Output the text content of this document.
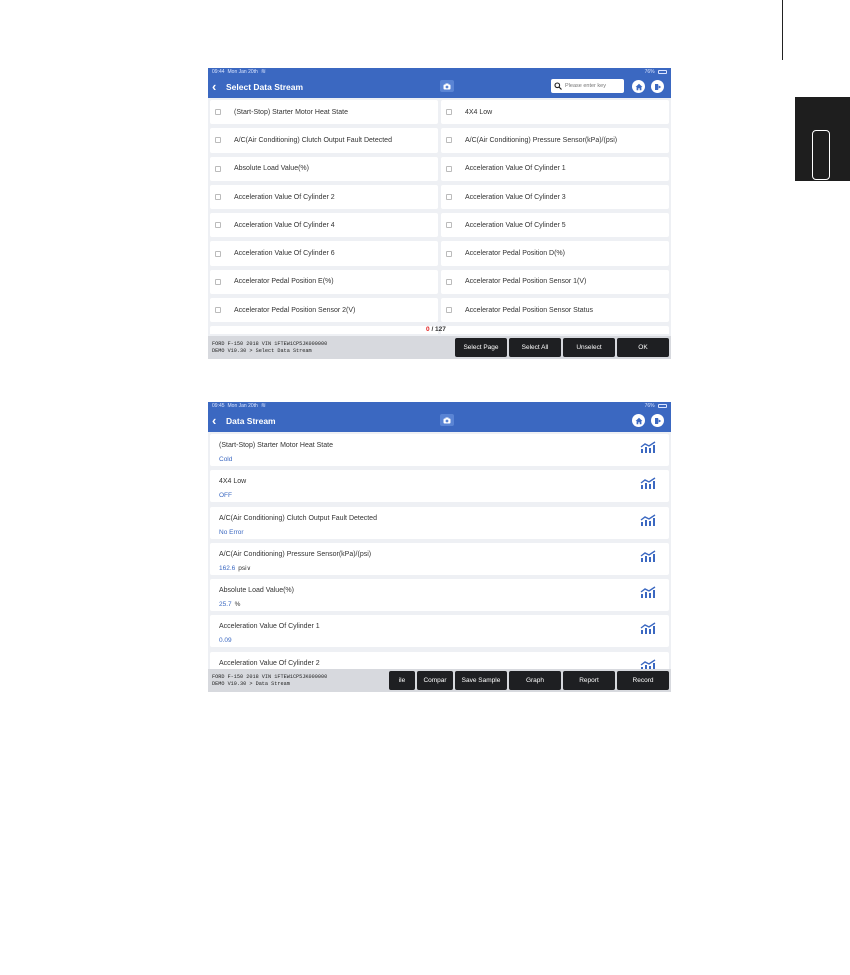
09:44 Mon Jan 20th ≋	76%
‹	Select Data Stream
Please enter key
(Start-Stop) Starter Motor Heat State	4X4 Low
A/C(Air Conditioning) Clutch Output Fault Detected	A/C(Air Conditioning) Pressure Sensor(kPa)/(psi)
Absolute Load Value(%)	Acceleration Value Of Cylinder 1
Acceleration Value Of Cylinder 2	Acceleration Value Of Cylinder 3
Acceleration Value Of Cylinder 4	Acceleration Value Of Cylinder 5
Acceleration Value Of Cylinder 6	Accelerator Pedal Position D(%)
Accelerator Pedal Position E(%)	Accelerator Pedal Position Sensor 1(V)
Accelerator Pedal Position Sensor 2(V)	Accelerator Pedal Position Sensor Status
0 / 127
FORD F-150 2018 VIN 1FTEW1CP5JK000000
DEMO V10.30 > Select Data Stream	Select Page	Select All	Unselect	OK
09:45 Mon Jan 20th ≋	76%
‹	Data Stream
(Start-Stop) Starter Motor Heat State
Cold
4X4 Low
OFF
A/C(Air Conditioning) Clutch Output Fault Detected
No Error
A/C(Air Conditioning) Pressure Sensor(kPa)/(psi)
162.6 psi∨
Absolute Load Value(%)
25.7 %
Acceleration Value Of Cylinder 1
0.09
Acceleration Value Of Cylinder 2
FORD F-150 2018 VIN 1FTEW1CP5JK000000
DEMO V10.30 > Data Stream	ile	Compar	Save Sample	Graph	Report	Record
